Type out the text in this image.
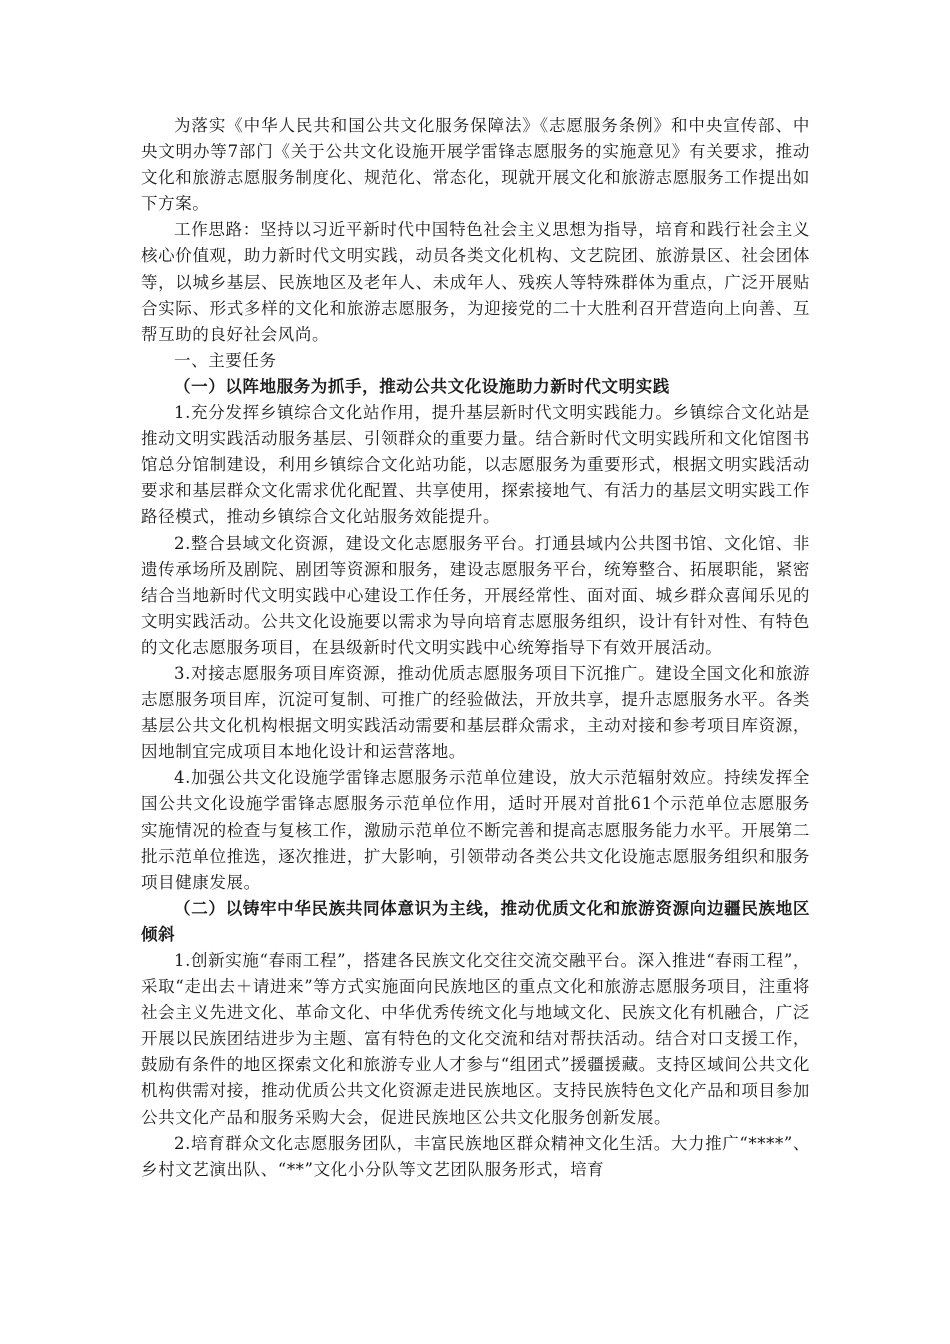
为落实《中华人民共和国公共文化服务保障法》《志愿服务条例》和中央宣传部、中央文明办等7部门《关于公共文化设施开展学雷锋志愿服务的实施意见》有关要求，推动文化和旅游志愿服务制度化、规范化、常态化，现就开展文化和旅游志愿服务工作提出如下方案。

工作思路：坚持以习近平新时代中国特色社会主义思想为指导，培育和践行社会主义核心价值观，助力新时代文明实践，动员各类文化机构、文艺院团、旅游景区、社会团体等，以城乡基层、民族地区及老年人、未成年人、残疾人等特殊群体为重点，广泛开展贴合实际、形式多样的文化和旅游志愿服务，为迎接党的二十大胜利召开营造向上向善、互帮互助的良好社会风尚。

一、主要任务

（一）以阵地服务为抓手，推动公共文化设施助力新时代文明实践

1.充分发挥乡镇综合文化站作用，提升基层新时代文明实践能力。乡镇综合文化站是推动文明实践活动服务基层、引领群众的重要力量。结合新时代文明实践所和文化馆图书馆总分馆制建设，利用乡镇综合文化站功能，以志愿服务为重要形式，根据文明实践活动要求和基层群众文化需求优化配置、共享使用，探索接地气、有活力的基层文明实践工作路径模式，推动乡镇综合文化站服务效能提升。

2.整合县域文化资源，建设文化志愿服务平台。打通县域内公共图书馆、文化馆、非遗传承场所及剧院、剧团等资源和服务，建设志愿服务平台，统筹整合、拓展职能，紧密结合当地新时代文明实践中心建设工作任务，开展经常性、面对面、城乡群众喜闻乐见的文明实践活动。公共文化设施要以需求为导向培育志愿服务组织，设计有针对性、有特色的文化志愿服务项目，在县级新时代文明实践中心统筹指导下有效开展活动。

3.对接志愿服务项目库资源，推动优质志愿服务项目下沉推广。建设全国文化和旅游志愿服务项目库，沉淀可复制、可推广的经验做法，开放共享，提升志愿服务水平。各类基层公共文化机构根据文明实践活动需要和基层群众需求，主动对接和参考项目库资源，因地制宜完成项目本地化设计和运营落地。

4.加强公共文化设施学雷锋志愿服务示范单位建设，放大示范辐射效应。持续发挥全国公共文化设施学雷锋志愿服务示范单位作用，适时开展对首批61个示范单位志愿服务实施情况的检查与复核工作，激励示范单位不断完善和提高志愿服务能力水平。开展第二批示范单位推选，逐次推进，扩大影响，引领带动各类公共文化设施志愿服务组织和服务项目健康发展。

（二）以铸牢中华民族共同体意识为主线，推动优质文化和旅游资源向边疆民族地区倾斜

1.创新实施“春雨工程”，搭建各民族文化交往交流交融平台。深入推进“春雨工程”，采取“走出去＋请进来”等方式实施面向民族地区的重点文化和旅游志愿服务项目，注重将社会主义先进文化、革命文化、中华优秀传统文化与地域文化、民族文化有机融合，广泛开展以民族团结进步为主题、富有特色的文化交流和结对帮扶活动。结合对口支援工作，鼓励有条件的地区探索文化和旅游专业人才参与“组团式”援疆援藏。支持区域间公共文化机构供需对接，推动优质公共文化资源走进民族地区。支持民族特色文化产品和项目参加公共文化产品和服务采购大会，促进民族地区公共文化服务创新发展。

2.培育群众文化志愿服务团队，丰富民族地区群众精神文化生活。大力推广“****”、乡村文艺演出队、“**”文化小分队等文艺团队服务形式，培育
